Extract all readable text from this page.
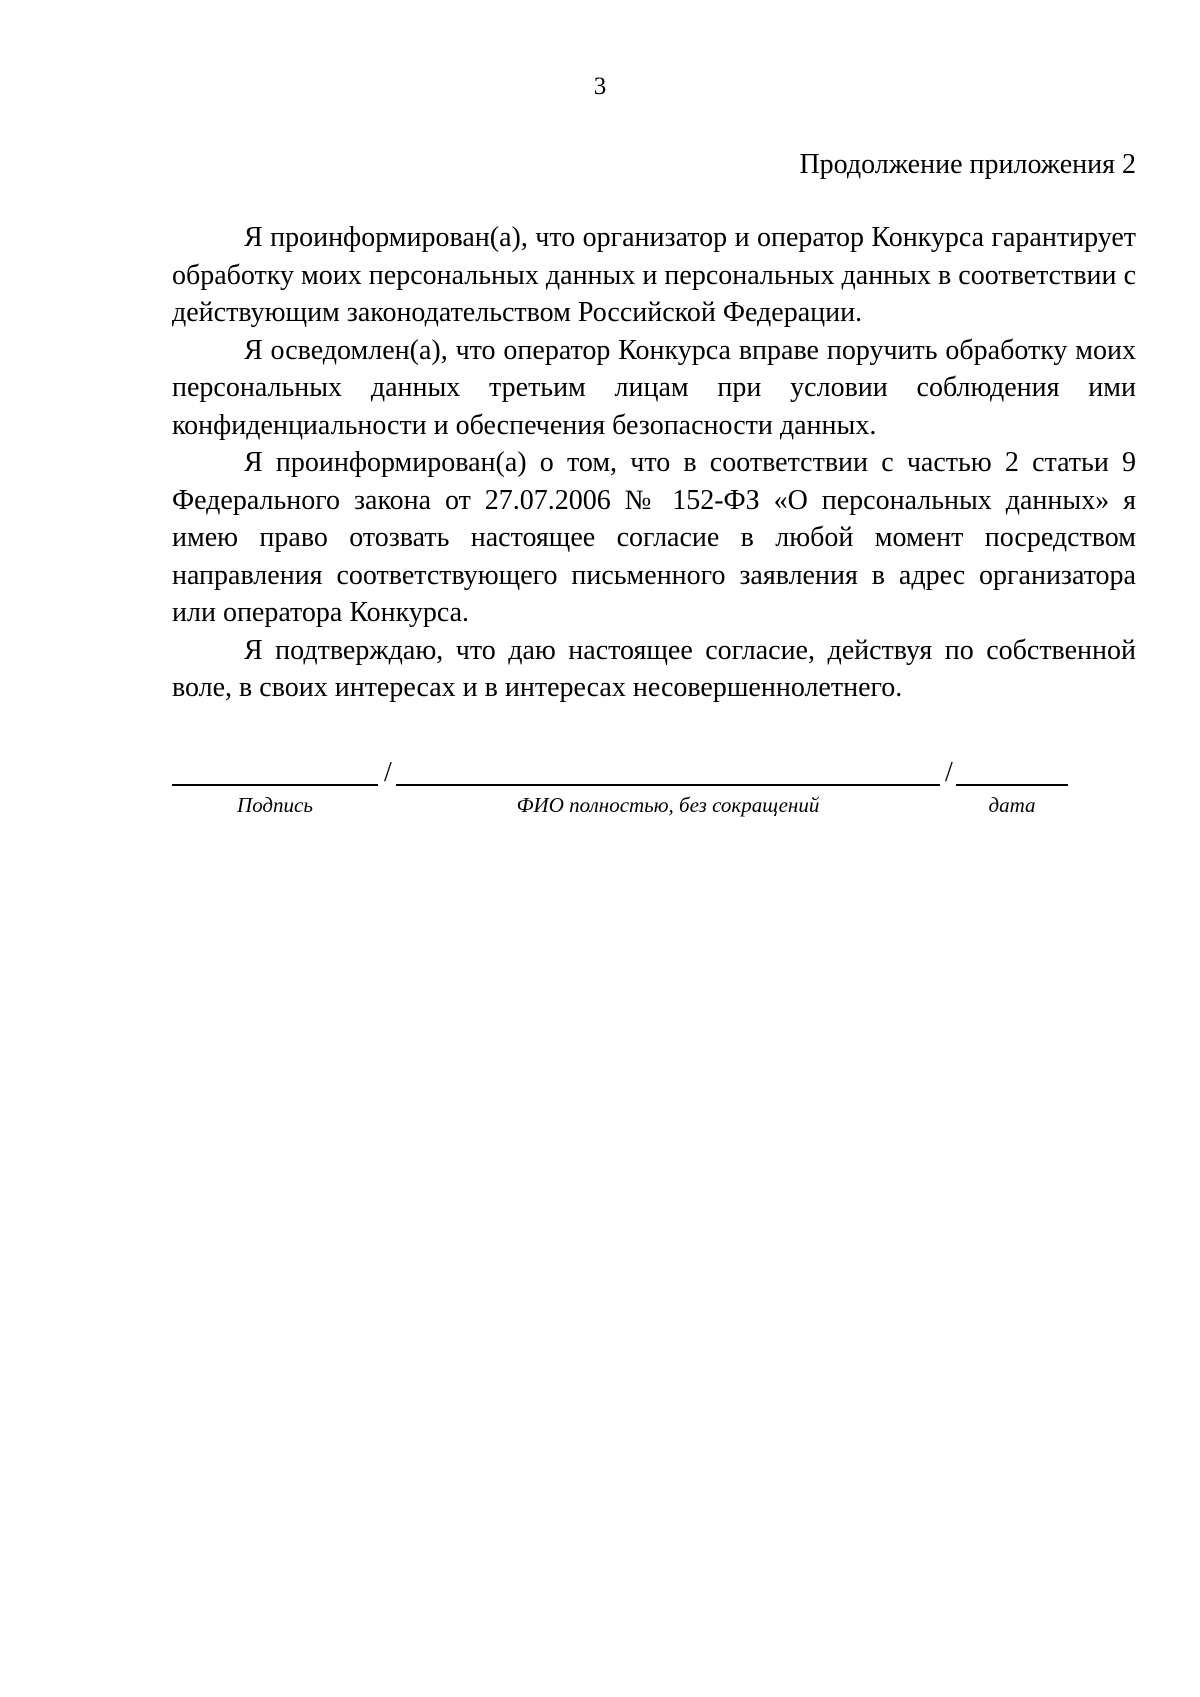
3
Продолжение приложения 2

Я проинформирован(а), что организатор и оператор Конкурса гарантирует обработку моих персональных данных и персональных данных в соответствии с действующим законодательством Российской Федерации.

Я осведомлен(а), что оператор Конкурса вправе поручить обработку моих персональных данных третьим лицам при условии соблюдения ими конфиденциальности и обеспечения безопасности данных.

Я проинформирован(а) о том, что в соответствии с частью 2 статьи 9 Федерального закона от 27.07.2006 № 152-ФЗ «О персональных данных» я имею право отозвать настоящее согласие в любой момент посредством направления соответствующего письменного заявления в адрес организатора или оператора Конкурса.

Я подтверждаю, что даю настоящее согласие, действуя по собственной воле, в своих интересах и в интересах несовершеннолетнего.

/	/
Подпись	ФИО полностью, без сокращений	дата
